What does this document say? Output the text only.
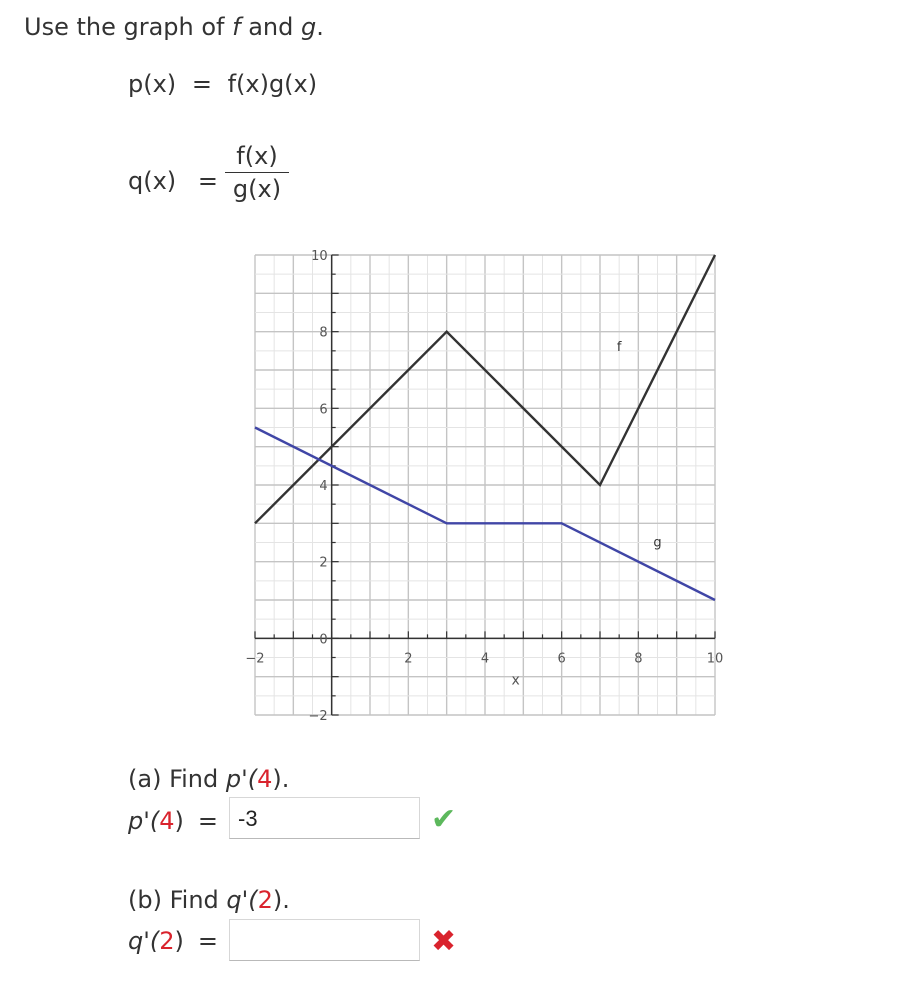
Use the graph of f and g.
p(x) = f(x)g(x)
$q(x) = \frac{f(x)}{g(x)}$
−2	2	4	6	8	10
−2
0
2
4
6
8
10
x
f
g
(a) Find p'(4).
p'(4) = -3	✔
(b) Find q'(2).
q'(2) =	✖
